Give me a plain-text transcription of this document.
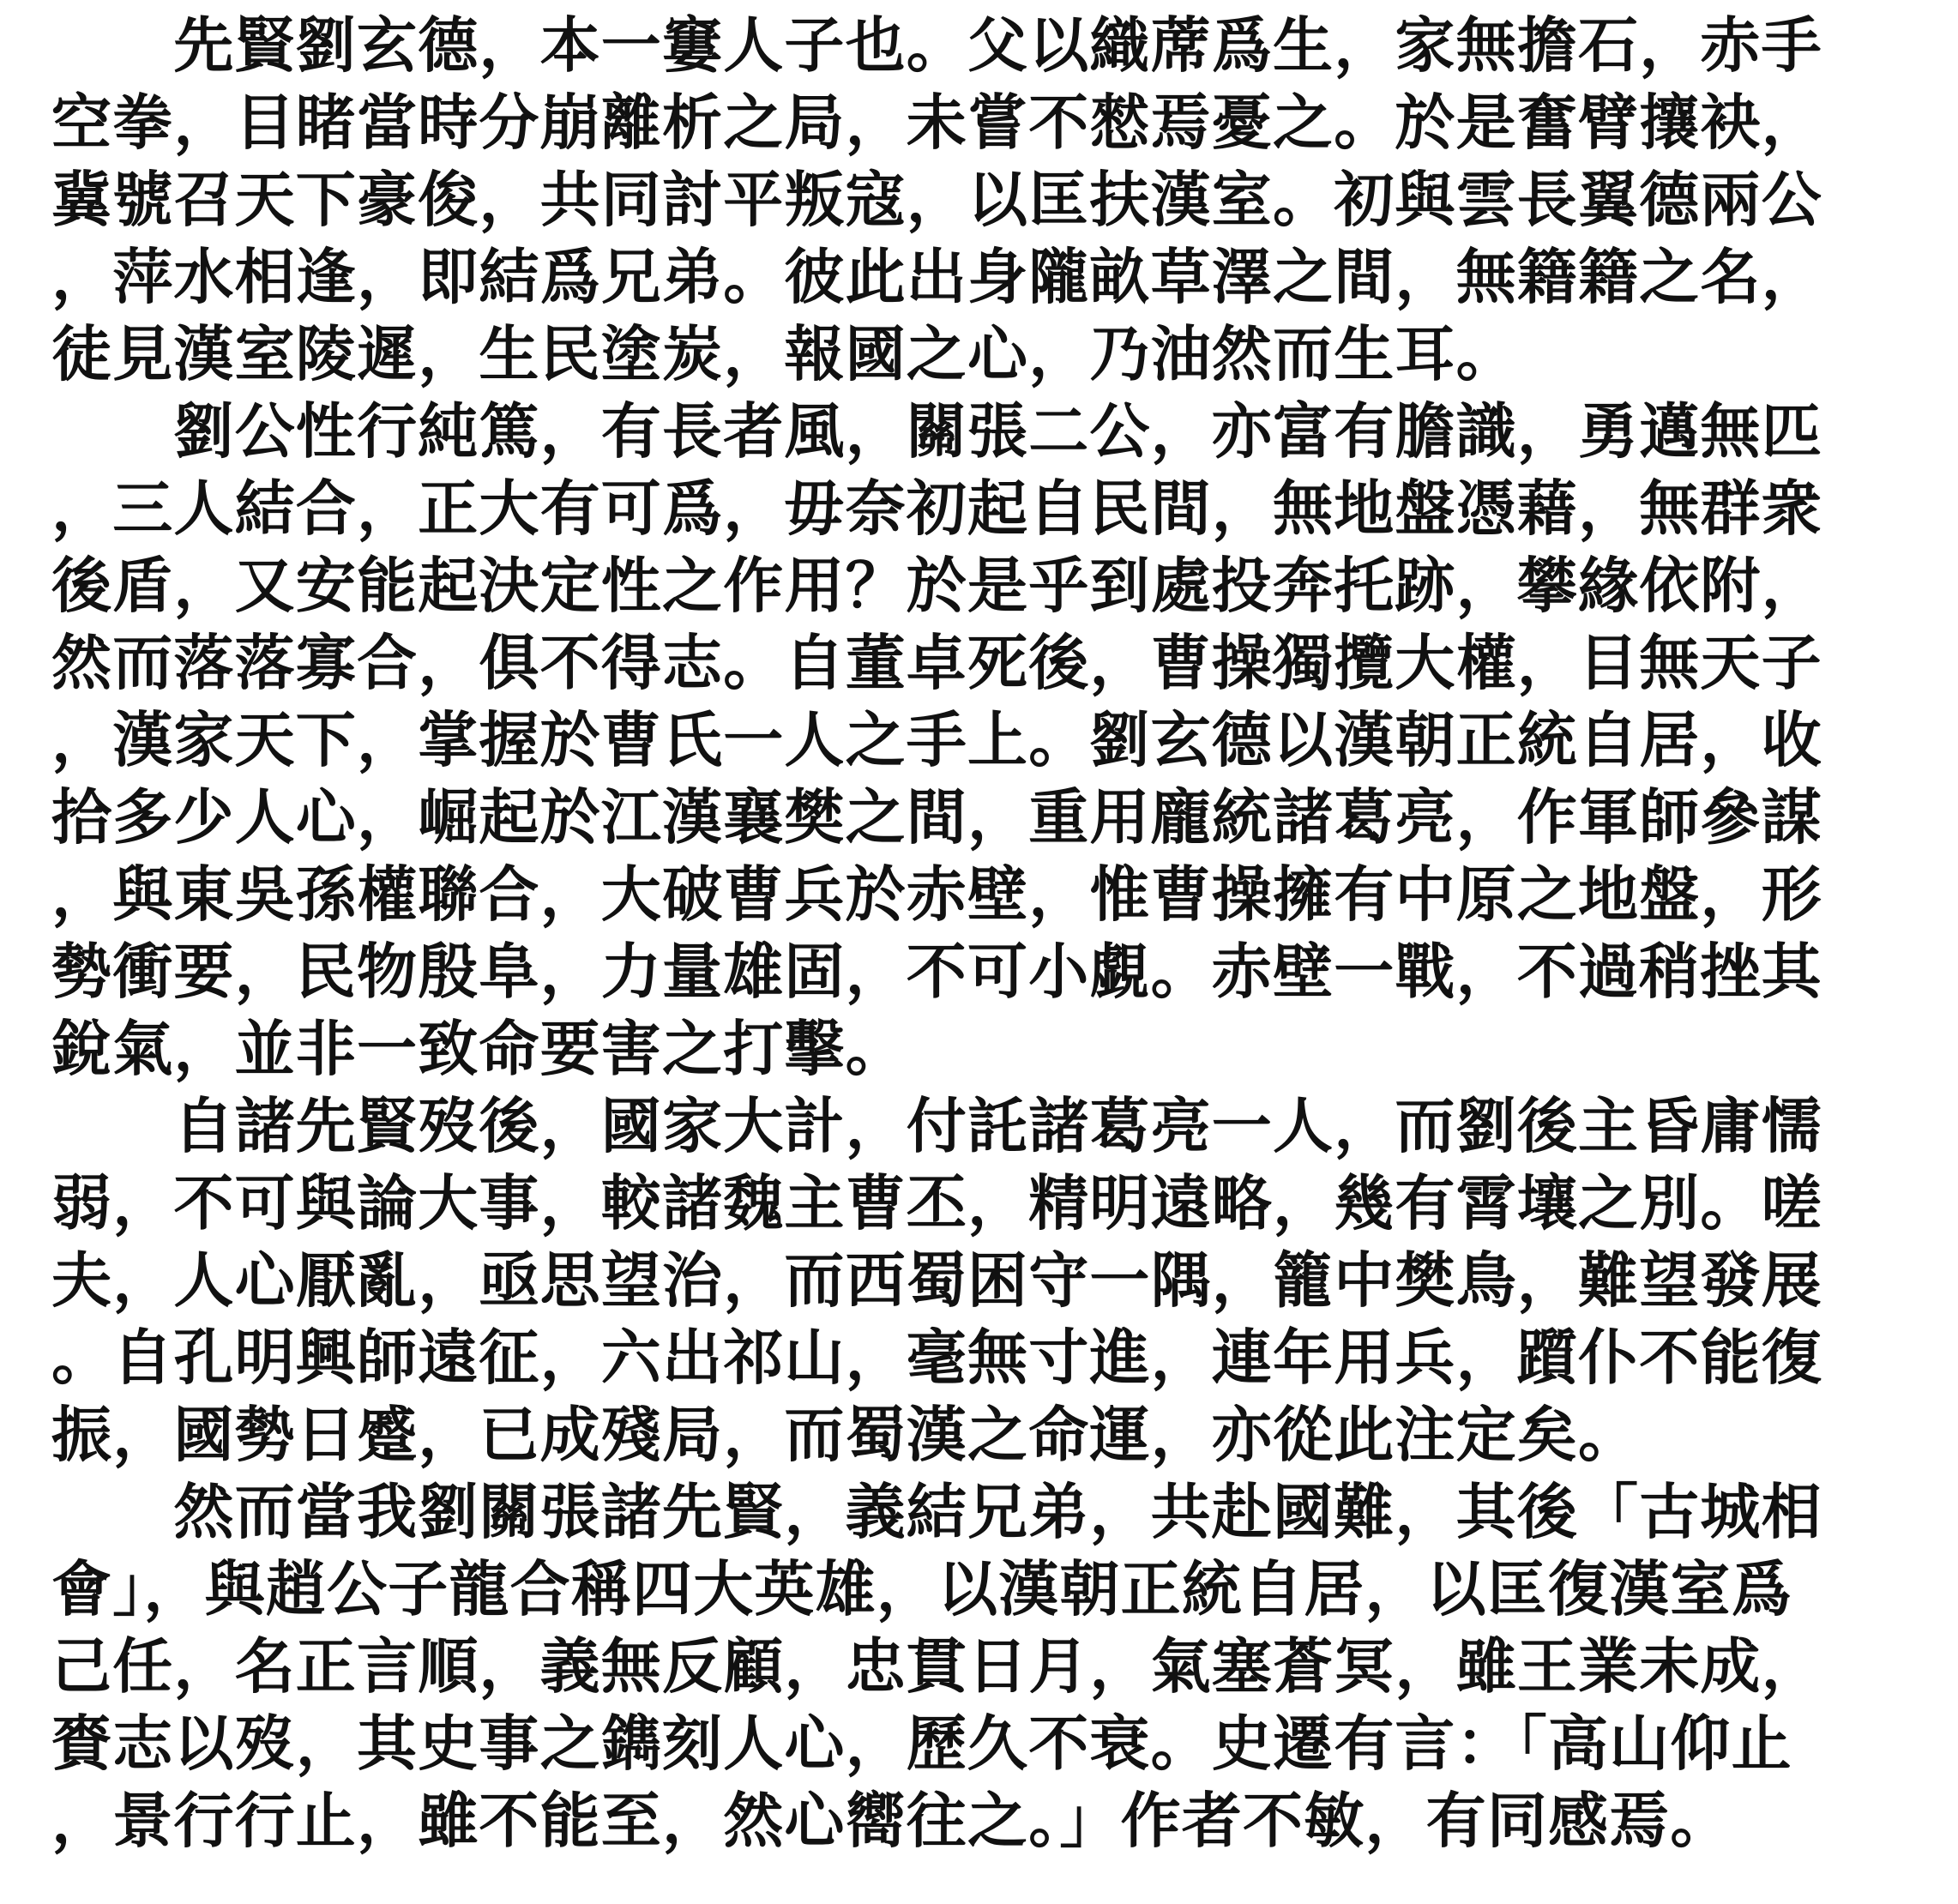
　　先賢劉玄德，本一窶人子也。父以織蓆爲生，家無擔石，赤手
空拳，目睹當時分崩離析之局，未嘗不憖焉憂之。於是奮臂攘袂，
冀號召天下豪俊，共同討平叛寇，以匡扶漢室。初與雲長翼德兩公
，萍水相逢，即結爲兄弟。彼此出身隴畝草澤之間，無籍籍之名，
徒見漢室陵遲，生民塗炭，報國之心，乃油然而生耳。
　　劉公性行純篤，有長者風，關張二公，亦富有膽識，勇邁無匹
，三人結合，正大有可爲，毋奈初起自民間，無地盤憑藉，無群衆
後盾，又安能起決定性之作用？於是乎到處投奔托跡，攀緣依附，
然而落落寡合，俱不得志。自董卓死後，曹操獨攬大權，目無天子
，漢家天下，掌握於曹氏一人之手上。劉玄德以漢朝正統自居，收
拾多少人心，崛起於江漢襄樊之間，重用龐統諸葛亮，作軍師參謀
，與東吳孫權聯合，大破曹兵於赤壁，惟曹操擁有中原之地盤，形
勢衝要，民物殷阜，力量雄固，不可小覷。赤壁一戰，不過稍挫其
銳氣，並非一致命要害之打擊。
　　自諸先賢歿後，國家大計，付託諸葛亮一人，而劉後主昏庸懦
弱，不可與論大事，較諸魏主曹丕，精明遠略，幾有霄壤之別。嗟
夫，人心厭亂，亟思望治，而西蜀困守一隅，籠中樊鳥，難望發展
。自孔明興師遠征，六出祁山，毫無寸進，連年用兵，躓仆不能復
振，國勢日蹙，已成殘局，而蜀漢之命運，亦從此注定矣。
　　然而當我劉關張諸先賢，義結兄弟，共赴國難，其後「古城相
會」，與趙公子龍合稱四大英雄，以漢朝正統自居，以匡復漢室爲
己任，名正言順，義無反顧，忠貫日月，氣塞蒼冥，雖王業未成，
賚志以歿，其史事之鐫刻人心，歷久不衰。史遷有言：「高山仰止
，景行行止，雖不能至，然心嚮往之。」作者不敏，有同感焉。
